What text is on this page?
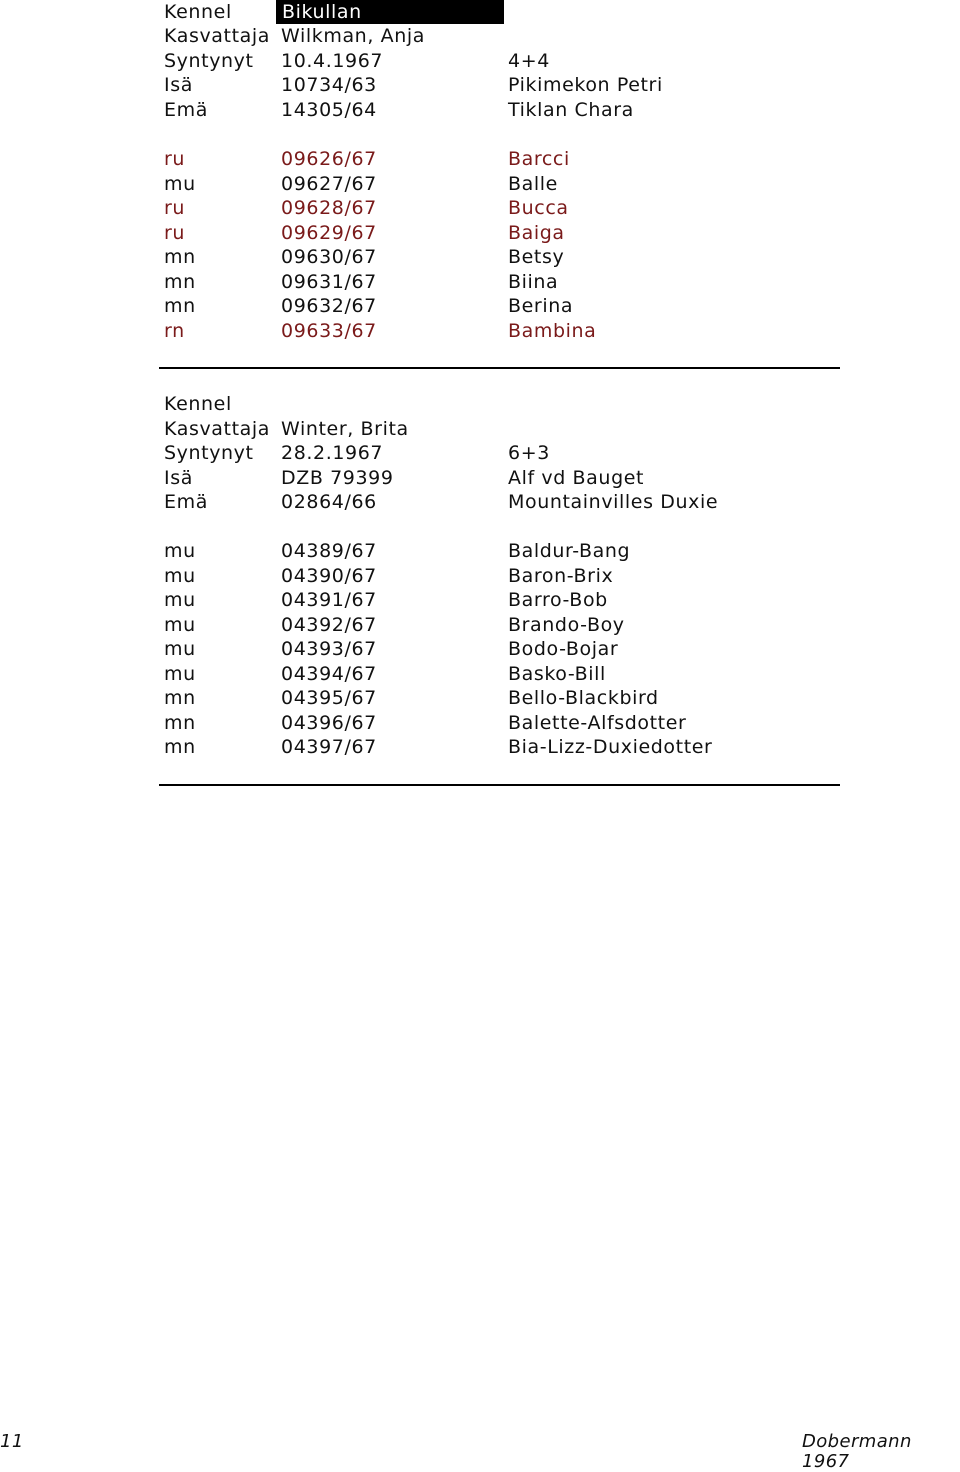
Kennel	Bikullan
Kasvattaja Wilkman, Anja
Syntynyt 10.4.1967	4+4
Isä	10734/63	Pikimekon Petri
Emä	14305/64	Tiklan Chara
ru	09626/67	Barcci
mu	09627/67	Balle
ru	09628/67	Bucca
ru	09629/67	Baiga
mn	09630/67	Betsy
mn	09631/67	Biina
mn	09632/67	Berina
rn	09633/67	Bambina
Kennel
Kasvattaja Winter, Brita
Syntynyt 28.2.1967	6+3
Isä	DZB 79399	Alf vd Bauget
Emä	02864/66	Mountainvilles Duxie
mu	04389/67	Baldur-Bang
mu	04390/67	Baron-Brix
mu	04391/67	Barro-Bob
mu	04392/67	Brando-Boy
mu	04393/67	Bodo-Bojar
mu	04394/67	Basko-Bill
mn	04395/67	Bello-Blackbird
mn	04396/67	Balette-Alfsdotter
mn	04397/67	Bia-Lizz-Duxiedotter
11	Dobermann 1967
